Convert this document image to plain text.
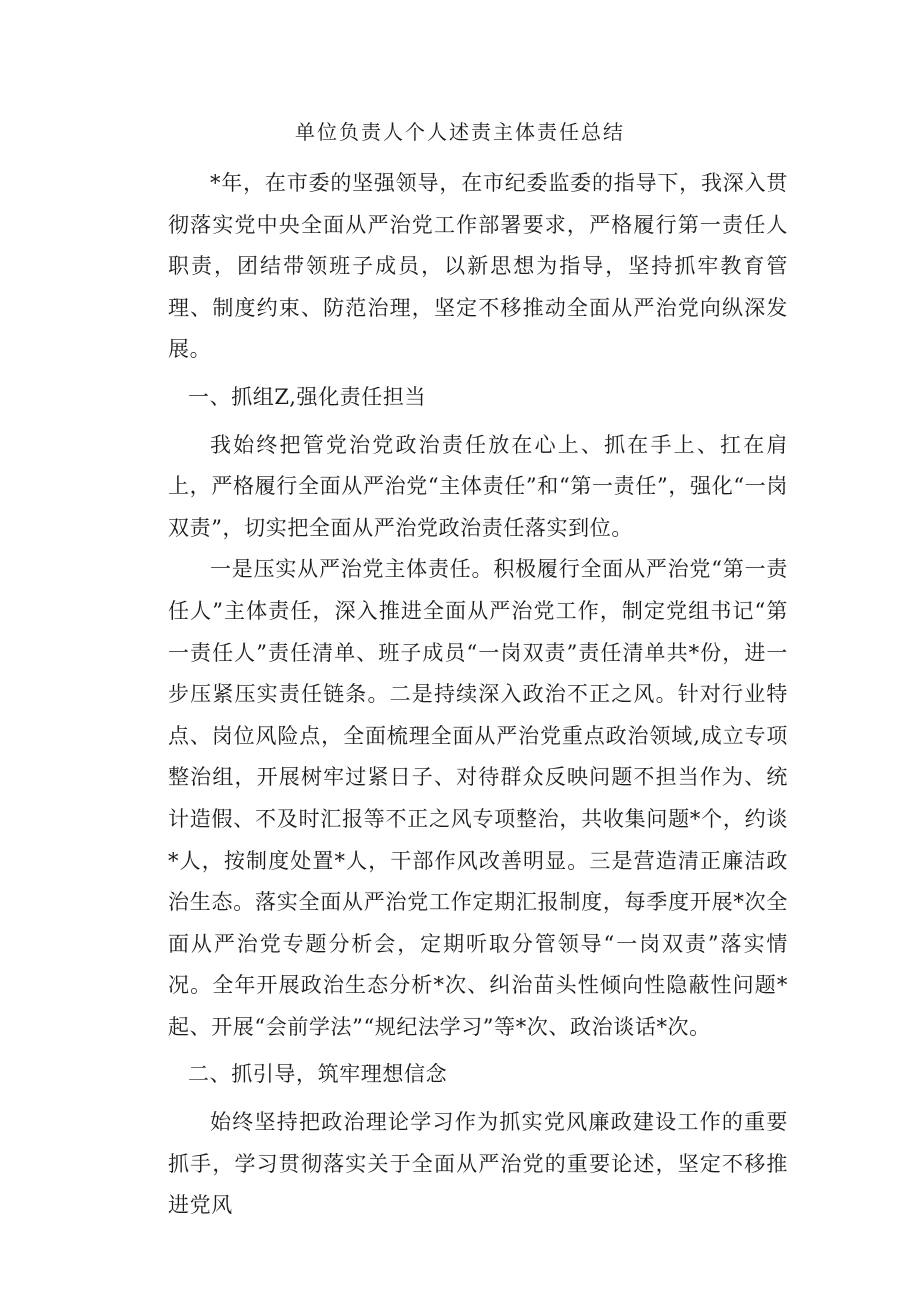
单位负责人个人述责主体责任总结

*年，在市委的坚强领导，在市纪委监委的指导下，我深入贯彻落实党中央全面从严治党工作部署要求，严格履行第一责任人职责，团结带领班子成员，以新思想为指导，坚持抓牢教育管理、制度约束、防范治理，坚定不移推动全面从严治党向纵深发展。

一、抓组Z,强化责任担当

我始终把管党治党政治责任放在心上、抓在手上、扛在肩上，严格履行全面从严治党“主体责任”和“第一责任”，强化“一岗双责”，切实把全面从严治党政治责任落实到位。

一是压实从严治党主体责任。积极履行全面从严治党“第一责任人”主体责任，深入推进全面从严治党工作，制定党组书记“第一责任人”责任清单、班子成员“一岗双责”责任清单共*份，进一步压紧压实责任链条。二是持续深入政治不正之风。针对行业特点、岗位风险点，全面梳理全面从严治党重点政治领域,成立专项整治组，开展树牢过紧日子、对待群众反映问题不担当作为、统计造假、不及时汇报等不正之风专项整治，共收集问题*个，约谈*人，按制度处置*人，干部作风改善明显。三是营造清正廉洁政治生态。落实全面从严治党工作定期汇报制度，每季度开展*次全面从严治党专题分析会，定期听取分管领导“一岗双责”落实情况。全年开展政治生态分析*次、纠治苗头性倾向性隐蔽性问题*起、开展“会前学法”“规纪法学习”等*次、政治谈话*次。

二、抓引导，筑牢理想信念

始终坚持把政治理论学习作为抓实党风廉政建设工作的重要抓手，学习贯彻落实关于全面从严治党的重要论述，坚定不移推进党风
